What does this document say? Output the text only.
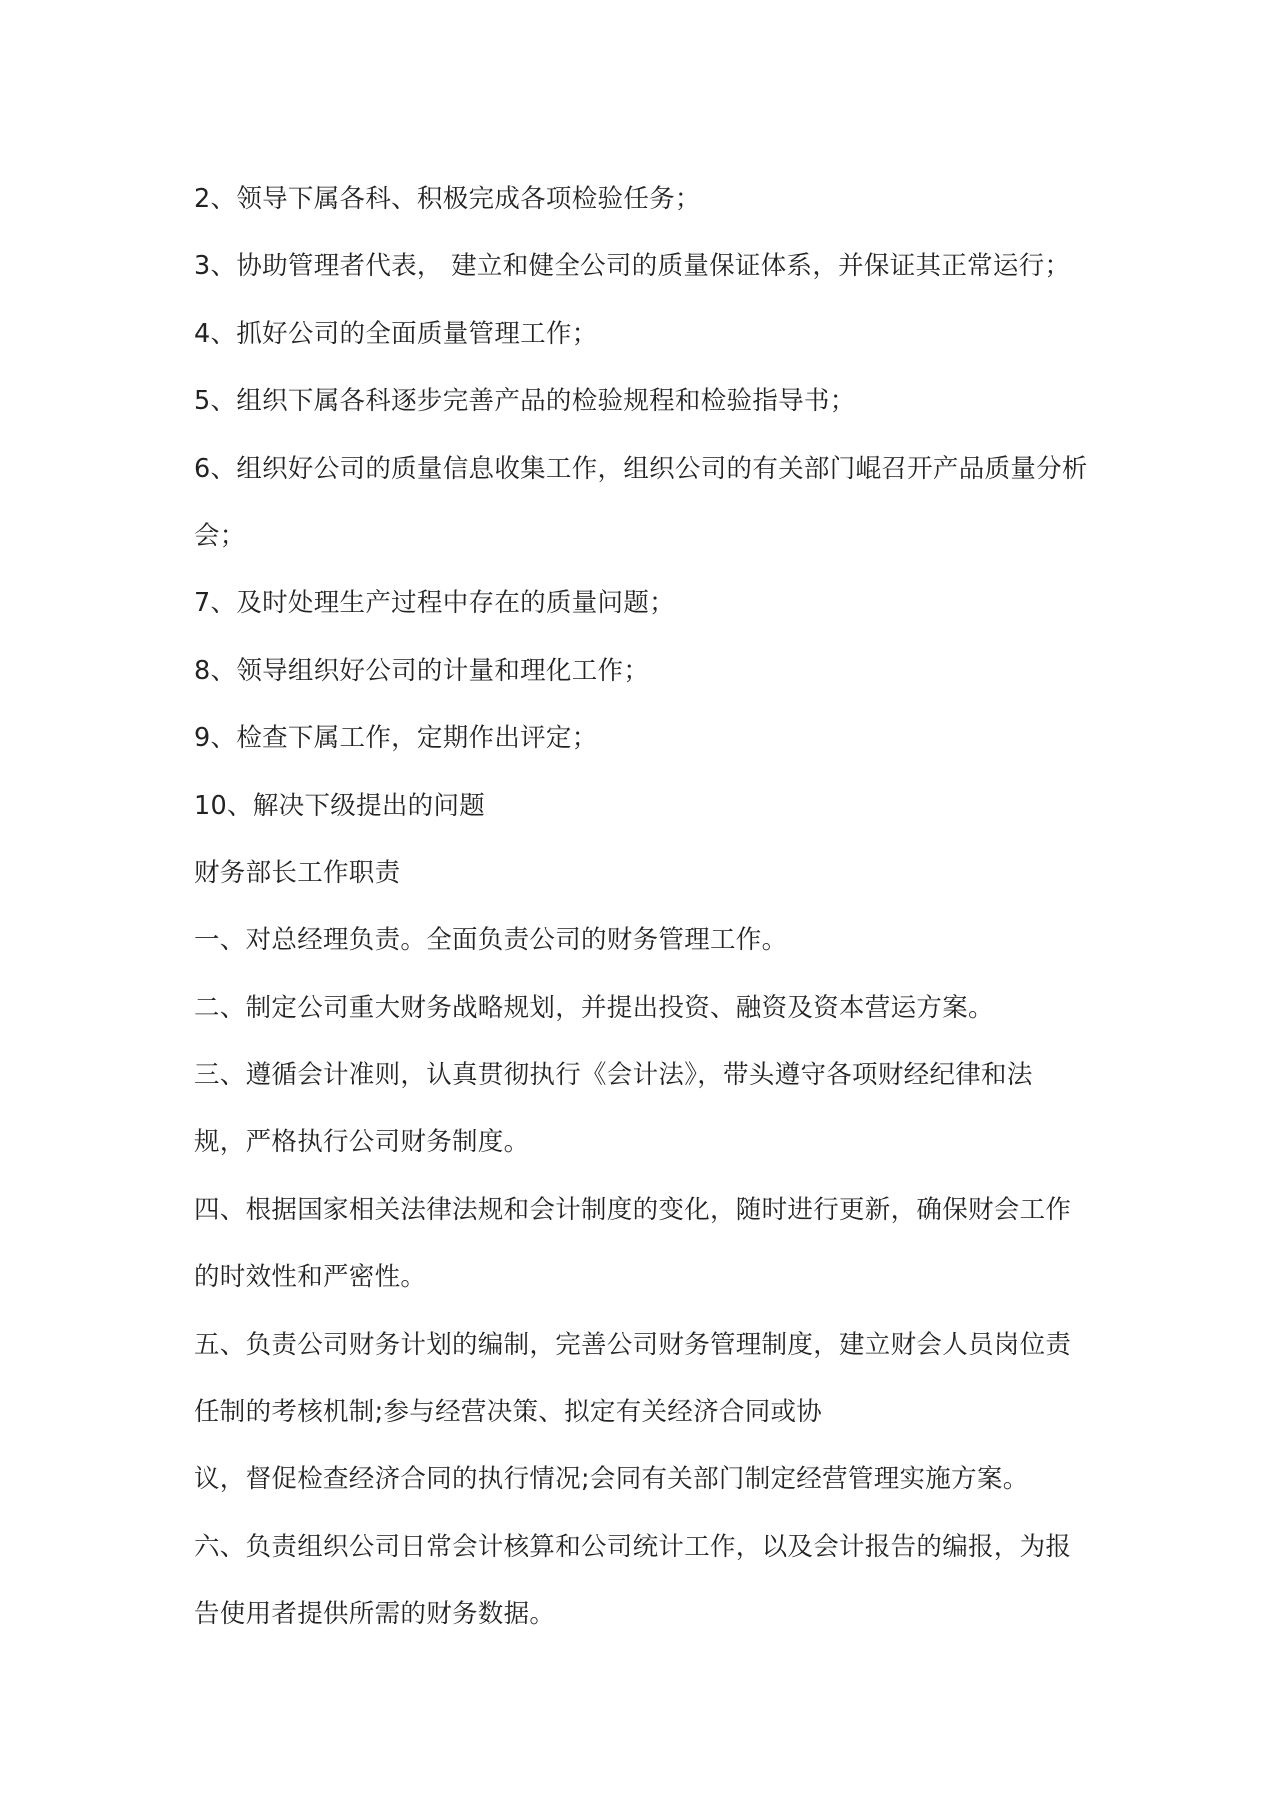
2、领导下属各科、积极完成各项检验任务；
3、协助管理者代表， 建立和健全公司的质量保证体系，并保证其正常运行；
4、抓好公司的全面质量管理工作；
5、组织下属各科逐步完善产品的检验规程和检验指导书；
6、组织好公司的质量信息收集工作，组织公司的有关部门崐召开产品质量分析
会；
7、及时处理生产过程中存在的质量问题；
8、领导组织好公司的计量和理化工作；
9、检查下属工作，定期作出评定；
10、解决下级提出的问题
财务部长工作职责
一、对总经理负责。全面负责公司的财务管理工作。
二、制定公司重大财务战略规划，并提出投资、融资及资本营运方案。
三、遵循会计准则，认真贯彻执行《会计法》，带头遵守各项财经纪律和法
规，严格执行公司财务制度。
四、根据国家相关法律法规和会计制度的变化，随时进行更新，确保财会工作
的时效性和严密性。
五、负责公司财务计划的编制，完善公司财务管理制度，建立财会人员岗位责
任制的考核机制;参与经营决策、拟定有关经济合同或协
议，督促检查经济合同的执行情况;会同有关部门制定经营管理实施方案。
六、负责组织公司日常会计核算和公司统计工作，以及会计报告的编报，为报
告使用者提供所需的财务数据。
